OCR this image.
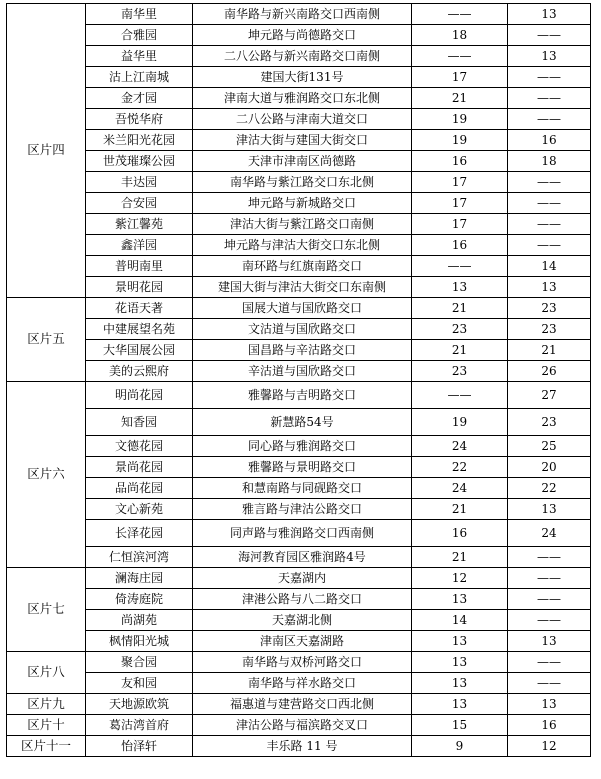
区片四	南华里	南华路与新兴南路交口西南侧	——	13
	合雅园	坤元路与尚德路交口	18	——
	益华里	二八公路与新兴南路交口南侧	——	13
	沽上江南城	建国大街131号	17	——
	金才园	津南大道与雅润路交口东北侧	21	——
	吾悦华府	二八公路与津南大道交口	19	——
	米兰阳光花园	津沽大街与建国大街交口	19	16
	世茂璀璨公园	天津市津南区尚德路	16	18
	丰达园	南华路与紫江路交口东北侧	17	——
	合安园	坤元路与新城路交口	17	——
	紫江馨苑	津沽大街与紫江路交口南侧	17	——
	鑫洋园	坤元路与津沽大街交口东北侧	16	——
	普明南里	南环路与红旗南路交口	——	14
	景明花园	建国大街与津沽大街交口东南侧	13	13
区片五	花语天著	国展大道与国欣路交口	21	23
	中建展望名苑	文沽道与国欣路交口	23	23
	大华国展公园	国昌路与辛沽路交口	21	21
	美的云熙府	辛沽道与国欣路交口	23	26
区片六	明尚花园	雅馨路与吉明路交口	——	27
	知香园	新慧路54号	19	23
	文德花园	同心路与雅润路交口	24	25
	景尚花园	雅馨路与景明路交口	22	20
	品尚花园	和慧南路与同砚路交口	24	22
	文心新苑	雅言路与津沽公路交口	21	13
	长泽花园	同声路与雅润路交口西南侧	16	24
	仁恒滨河湾	海河教育园区雅润路4号	21	——
区片七	澜海庄园	天嘉湖内	12	——
	倚涛庭院	津港公路与八二路交口	13	——
	尚湖苑	天嘉湖北侧	14	——
	枫情阳光城	津南区天嘉湖路	13	13
区片八	聚合园	南华路与双桥河路交口	13	——
	友和园	南华路与祥水路交口	13	——
区片九	天地源欧筑	福惠道与建营路交口西北侧	13	13
区片十	葛沽湾首府	津沽公路与福滨路交叉口	15	16
区片十一	怡泽轩	丰乐路 11 号	9	12
